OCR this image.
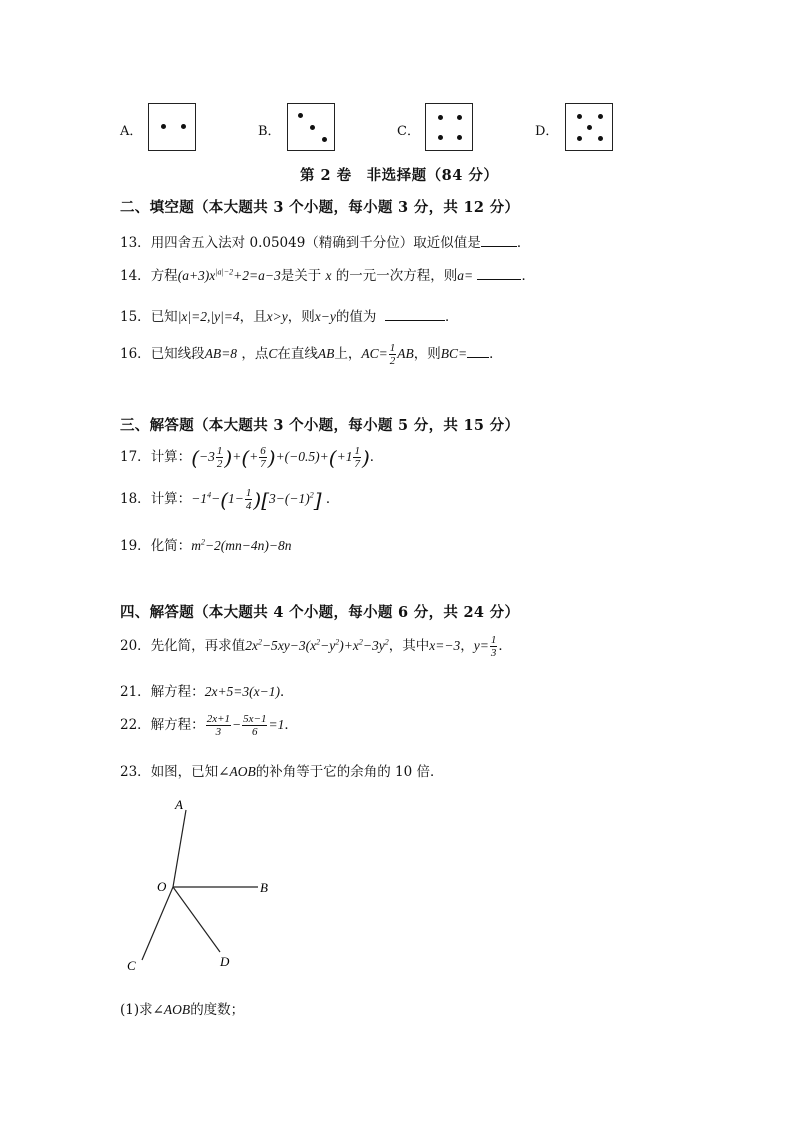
A．	B．	C．	D．
第 2 卷　非选择题（84 分）
二、填空题（本大题共 3 个小题，每小题 3 分，共 12 分）
13．用四舍五入法对 0.05049（精确到千分位）取近似值是	．
14．方程$(a+3)x^{|a|-2}+2=a-3$是关于 x 的一元一次方程，则a=	．
15．已知|x|=2,|y|=4，且x>y，则x−y的值为	．
16．已知线段AB=8 ，点C在直线AB上，$AC= \frac{1}{2}$ AB，则BC= ．
三、解答题（本大题共 3 个小题，每小题 5 分，共 15 分）
17．计算：($-3 \frac{1}{2}$ )+(+ $\frac{6}{7} )+(-0.5)+(+1 \frac{1}{7}$ )．
18．计算：$-1^4-(1- \frac{1}{4} )[3-(-1)^2]$ ．
19．化简：$m^2-2(mn-4n)-8n$
四、解答题（本大题共 4 个小题，每小题 6 分，共 24 分）
20．先化简，再求值$2x^2-5xy-3(x^2-y^2)+x^2-3y^2$，其中x=−3，$y= \frac{1}{3}$ ．
21．解方程：2x+5=3(x−1)．
22．解方程： $\frac{2x+1}{3} - \frac{5x-1}{6} =1$．
23．如图，已知∠AOB的补角等于它的余角的 10 倍．
A
B
C	D
O
(1)求∠AOB的度数；
